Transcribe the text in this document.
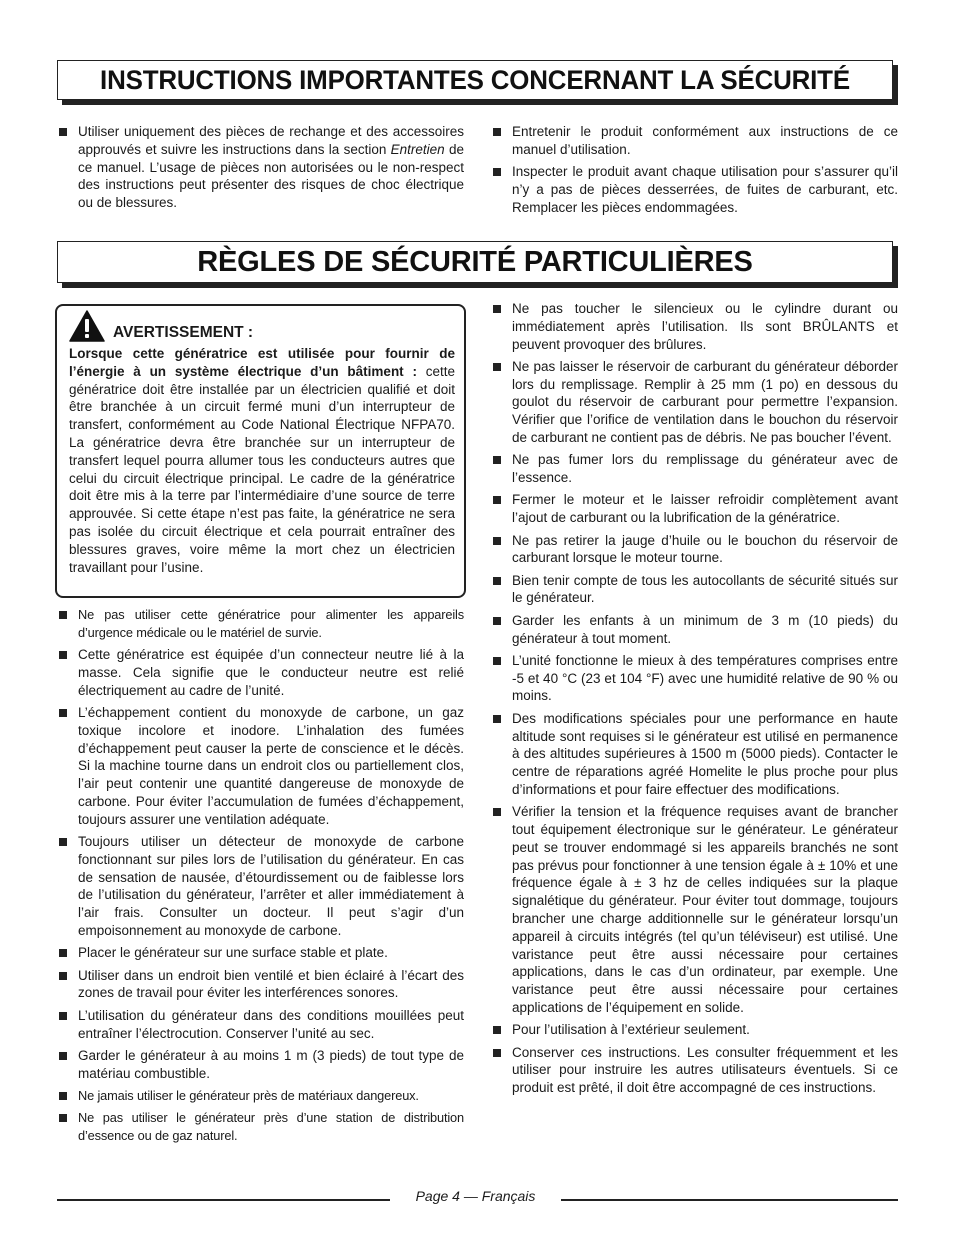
INSTRUCTIONS IMPORTANTES CONCERNANT LA SÉCURITÉ
Utiliser uniquement des pièces de rechange et des accessoires approuvés et suivre les instructions dans la section Entretien de ce manuel. L’usage de pièces non autorisées ou le non-respect des instructions peut présenter des risques de choc électrique ou de blessures.
Entretenir le produit conformément aux instructions de ce manuel d’utilisation.
Inspecter le produit avant chaque utilisation pour s’assurer qu’il n’y a pas de pièces desserrées, de fuites de carburant, etc. Remplacer les pièces endommagées.
RÈGLES DE SÉCURITÉ PARTICULIÈRES
AVERTISSEMENT :
Lorsque cette génératrice est utilisée pour fournir de l’énergie à un système électrique d’un bâtiment : cette génératrice doit être installée par un électricien qualifié et doit être branchée à un circuit fermé muni d’un interrupteur de transfert, conformément au Code National Électrique NFPA70. La génératrice devra être branchée sur un interrupteur de transfert lequel pourra allumer tous les conducteurs autres que celui du circuit électrique principal. Le cadre de la génératrice doit être mis à la terre par l’intermédiaire d’une source de terre approuvée. Si cette étape n’est pas faite, la génératrice ne sera pas isolée du circuit électrique et cela pourrait entraîner des blessures graves, voire même la mort chez un électricien travaillant pour l’usine.
Ne pas utiliser cette génératrice pour alimenter les appareils d’urgence médicale ou le matériel de survie.
Cette génératrice est équipée d’un connecteur neutre lié à la masse. Cela signifie que le conducteur neutre est relié électriquement au cadre de l’unité.
L’échappement contient du monoxyde de carbone, un gaz toxique incolore et inodore. L’inhalation des fumées d’échappement peut causer la perte de conscience et le décès. Si la machine tourne dans un endroit clos ou partiellement clos, l’air peut contenir une quantité dangereuse de monoxyde de carbone. Pour éviter l’accumulation de fumées d’échappement, toujours assurer une ventilation adéquate.
Toujours utiliser un détecteur de monoxyde de carbone fonctionnant sur piles lors de l’utilisation du générateur. En cas de sensation de nausée, d’étourdissement ou de faiblesse lors de l’utilisation du générateur, l’arrêter et aller immédiatement à l’air frais. Consulter un docteur. Il peut s’agir d’un empoisonnement au monoxyde de carbone.
Placer le générateur sur une surface stable et plate.
Utiliser dans un endroit bien ventilé et bien éclairé à l’écart des zones de travail pour éviter les interférences sonores.
L’utilisation du générateur dans des conditions mouillées peut entraîner l’électrocution. Conserver l’unité au sec.
Garder le générateur à au moins 1 m (3 pieds) de tout type de matériau combustible.
Ne jamais utiliser le générateur près de matériaux dangereux.
Ne pas utiliser le générateur près d’une station de distribution d’essence ou de gaz naturel.
Ne pas toucher le silencieux ou le cylindre durant ou immédiatement après l’utilisation. Ils sont BRÛLANTS et peuvent provoquer des brûlures.
Ne pas laisser le réservoir de carburant du générateur déborder lors du remplissage. Remplir à 25 mm (1 po) en dessous du goulot du réservoir de carburant pour permettre l’expansion. Vérifier que l’orifice de ventilation dans le bouchon du réservoir de carburant ne contient pas de débris. Ne pas boucher l’évent.
Ne pas fumer lors du remplissage du générateur avec de l’essence.
Fermer le moteur et le laisser refroidir complètement avant l’ajout de carburant ou la lubrification de la génératrice.
Ne pas retirer la jauge d’huile ou le bouchon du réservoir de carburant lorsque le moteur tourne.
Bien tenir compte de tous les autocollants de sécurité situés sur le générateur.
Garder les enfants à un minimum de 3 m (10 pieds) du générateur à tout moment.
L’unité fonctionne le mieux à des températures comprises entre -5 et 40 °C (23 et 104 °F) avec une humidité relative de 90 % ou moins.
Des modifications spéciales pour une performance en haute altitude sont requises si le générateur est utilisé en permanence à des altitudes supérieures à 1500 m (5000 pieds). Contacter le centre de réparations agréé Homelite le plus proche pour plus d’informations et pour faire effectuer des modifications.
Vérifier la tension et la fréquence requises avant de brancher tout équipement électronique sur le générateur. Le générateur peut se trouver endommagé si les appareils branchés ne sont pas prévus pour fonctionner à une tension égale à ± 10% et une fréquence égale à ± 3 hz de celles indiquées sur la plaque signalétique du générateur. Pour éviter tout dommage, toujours brancher une charge additionnelle sur le générateur lorsqu’un appareil à circuits intégrés (tel qu’un téléviseur) est utilisé. Une varistance peut être aussi nécessaire pour certaines applications, dans le cas d’un ordinateur, par exemple. Une varistance peut être aussi nécessaire pour certaines applications de l’équipement en solide.
Pour l’utilisation à l’extérieur seulement.
Conserver ces instructions. Les consulter fréquemment et les utiliser pour instruire les autres utilisateurs éventuels. Si ce produit est prêté, il doit être accompagné de ces instructions.
Page 4 — Français
